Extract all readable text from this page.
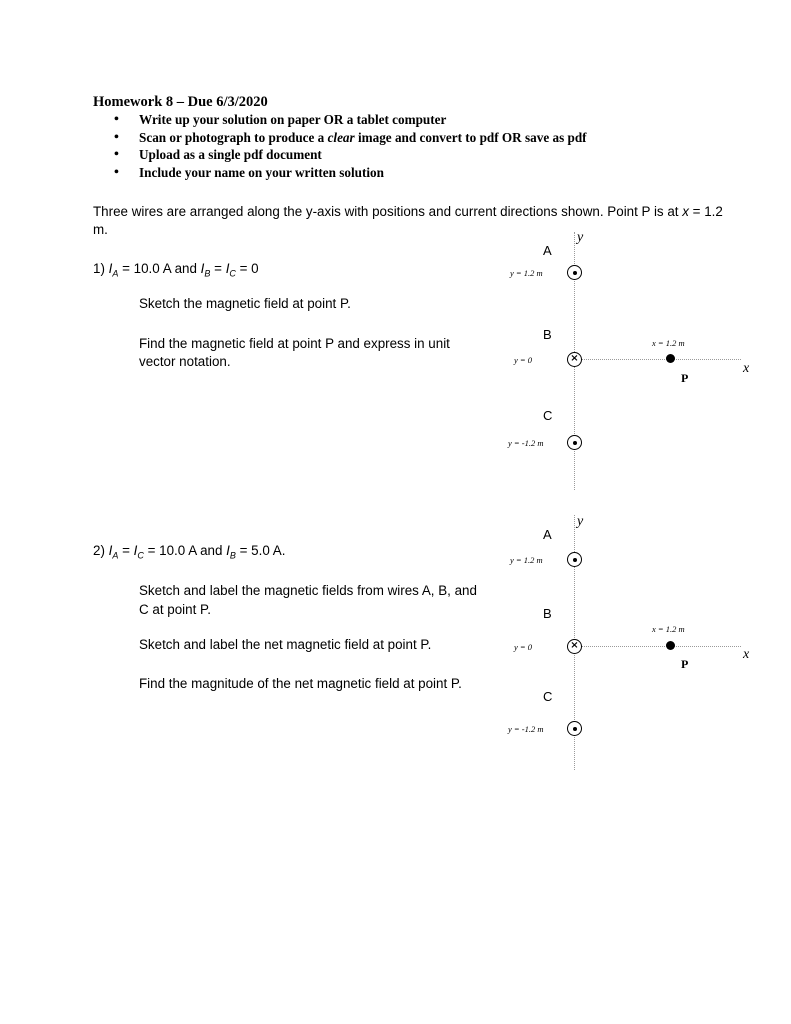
Homework 8 – Due 6/3/2020
• Write up your solution on paper OR a tablet computer
• Scan or photograph to produce a clear image and convert to pdf OR save as pdf
• Upload as a single pdf document
• Include your name on your written solution
Three wires are arranged along the y-axis with positions and current directions shown. Point P is at x = 1.2 m.
1) $I_A = 10.0$ A and $I_B = I_C = 0$
Sketch the magnetic field at point P.
Find the magnetic field at point P and express in unit vector notation.
2) $I_A = I_C = 10.0$ A and $I_B = 5.0$ A.
Sketch and label the magnetic fields from wires A, B, and C at point P.
Sketch and label the net magnetic field at point P.
Find the magnitude of the net magnetic field at point P.
y
x
A
y = 1.2 m
B
y = 0	×
C
y = -1.2 m
x = 1.2 m
P
y
x
A
y = 1.2 m
B
y = 0	×
C
y = -1.2 m
x = 1.2 m
P
